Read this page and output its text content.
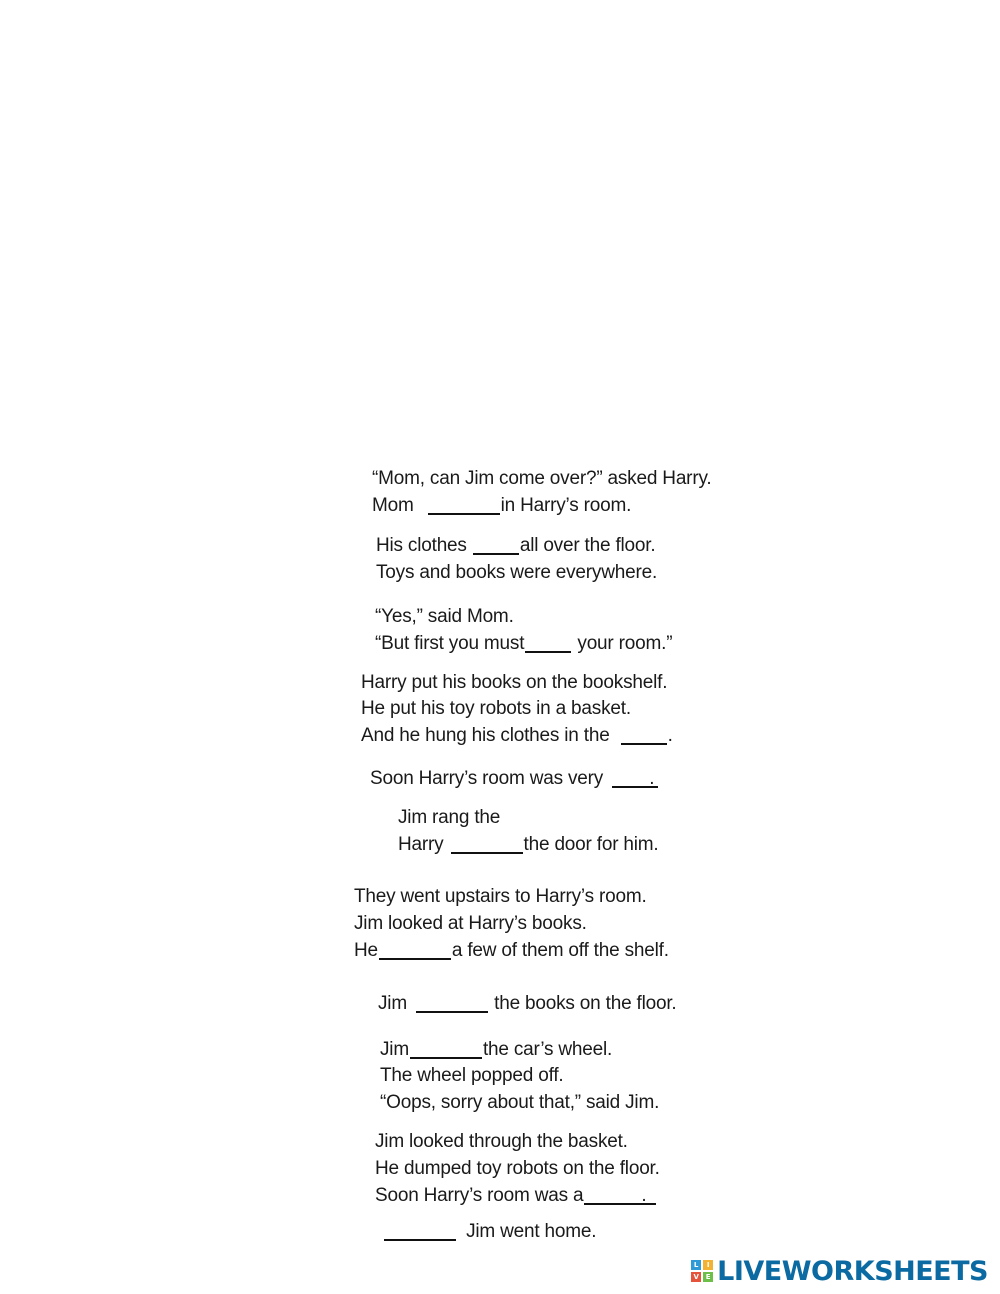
“Mom, can Jim come over?” asked Harry.
Mom	in Harry’s room.
His clothes	all over the floor.
Toys and books were everywhere.
“Yes,” said Mom.
“But first you must	your room.”
Harry put his books on the bookshelf.
He put his toy robots in a basket.
And he hung his clothes in the	.
Soon Harry’s room was very .
Jim rang the
Harry	the door for him.
They went upstairs to Harry’s room.
Jim looked at Harry’s books.
He	a few of them off the shelf.
Jim	the books on the floor.
Jim	the car’s wheel.
The wheel popped off.
“Oops, sorry about that,” said Jim.
Jim looked through the basket.
He dumped toy robots on the floor.
Soon Harry’s room was a	.
Jim went home.
L	I
V E LIVEWORKSHEETS
